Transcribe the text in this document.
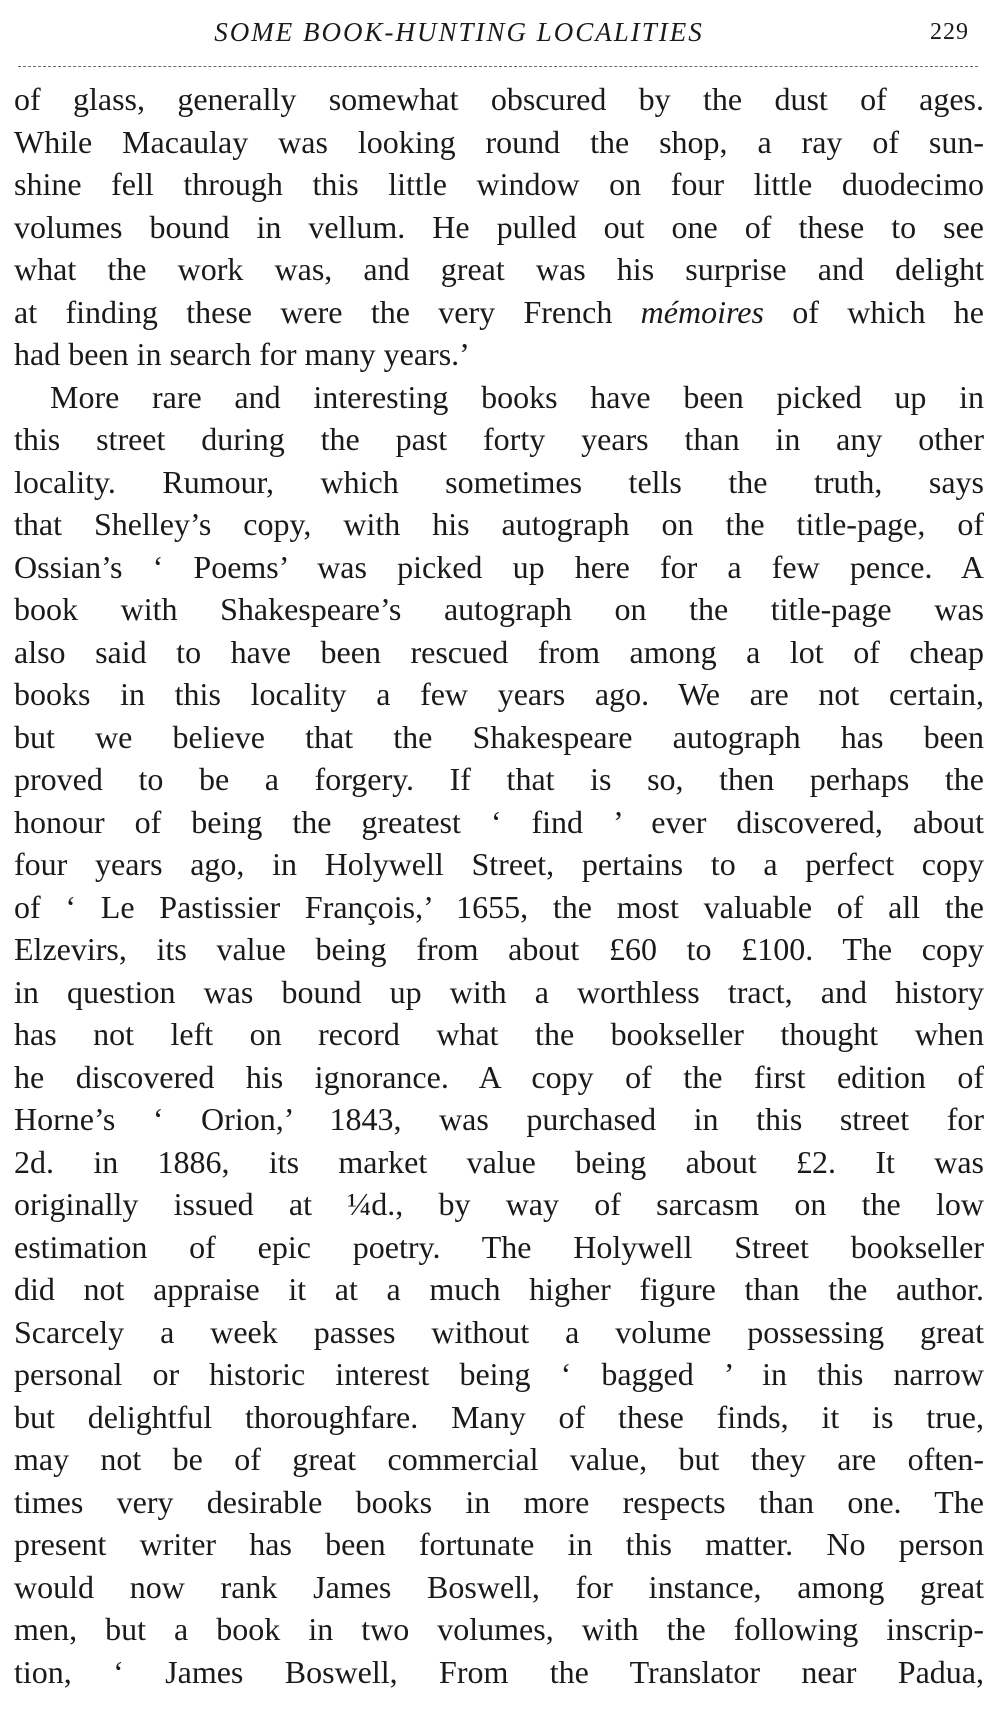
SOME BOOK-HUNTING LOCALITIES	229
of glass, generally somewhat obscured by the dust of ages.
While Macaulay was looking round the shop, a ray of sun-
shine fell through this little window on four little duodecimo
volumes bound in vellum. He pulled out one of these to see
what the work was, and great was his surprise and delight
at finding these were the very French mémoires of which he
had been in search for many years.’
More rare and interesting books have been picked up in
this street during the past forty years than in any other
locality. Rumour, which sometimes tells the truth, says
that Shelley’s copy, with his autograph on the title-page, of
Ossian’s ‘ Poems’ was picked up here for a few pence. A
book with Shakespeare’s autograph on the title-page was
also said to have been rescued from among a lot of cheap
books in this locality a few years ago. We are not certain,
but we believe that the Shakespeare autograph has been
proved to be a forgery. If that is so, then perhaps the
honour of being the greatest ‘ find ’ ever discovered, about
four years ago, in Holywell Street, pertains to a perfect copy
of ‘ Le Pastissier François,’ 1655, the most valuable of all the
Elzevirs, its value being from about £60 to £100. The copy
in question was bound up with a worthless tract, and history
has not left on record what the bookseller thought when
he discovered his ignorance. A copy of the first edition of
Horne’s ‘ Orion,’ 1843, was purchased in this street for
2d. in 1886, its market value being about £2. It was
originally issued at ¼d., by way of sarcasm on the low
estimation of epic poetry. The Holywell Street bookseller
did not appraise it at a much higher figure than the author.
Scarcely a week passes without a volume possessing great
personal or historic interest being ‘ bagged ’ in this narrow
but delightful thoroughfare. Many of these finds, it is true,
may not be of great commercial value, but they are often-
times very desirable books in more respects than one. The
present writer has been fortunate in this matter. No person
would now rank James Boswell, for instance, among great
men, but a book in two volumes, with the following inscrip-
tion, ‘ James Boswell, From the Translator near Padua,
